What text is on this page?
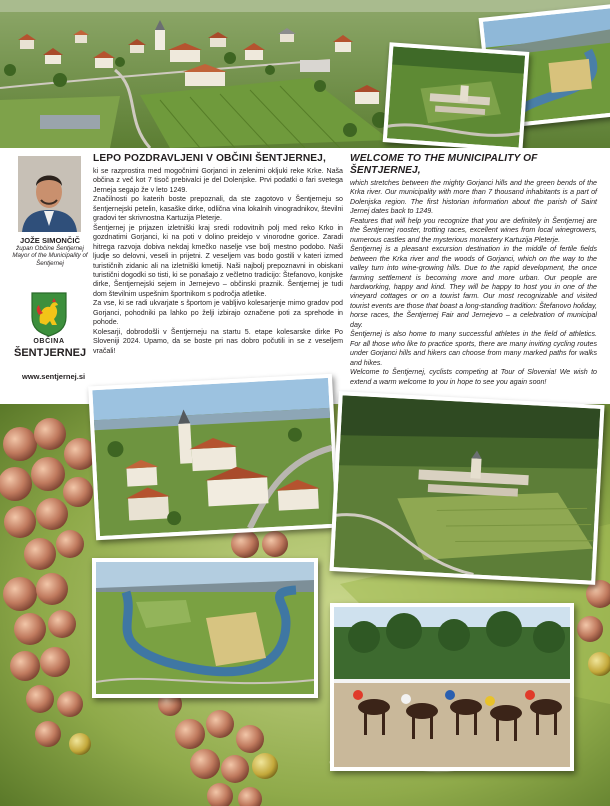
JOŽE SIMONČIČ
župan Občine Šentjernej Mayor of the Municipality of Šentjernej
OBČINA
ŠENTJERNEJ
www.sentjernej.si
LEPO POZDRAVLJENI V OBČINI ŠENTJERNEJ,

ki se razprostira med mogočnimi Gorjanci in zelenimi okljuki reke Krke. Naša občina z več kot 7 tisoč prebivalci je del Dolenjske. Prvi podatki o fari svetega Jerneja segajo že v leto 1249.

Značilnosti po katerih boste prepoznali, da ste zagotovo v Šentjerneju so šentjernejski petelin, kasaške dirke, odlična vina lokalnih vinogradnikov, številni gradovi ter skrivnostna Kartuzija Pleterje.

Šentjernej je prijazen izletniški kraj sredi rodovitnih polj med reko Krko in gozdnatimi Gorjanci, ki na poti v dolino preidejo v vinorodne gorice. Zaradi hitrega razvoja dobiva nekdaj kmečko naselje vse bolj mestno podobo. Naši ljudje so delovni, veseli in prijetni. Z veseljem vas bodo gostili v kateri izmed turističnih zidanic ali na izletniški kmetiji. Naši najbolj prepoznavni in obiskani turistični dogodki so tisti, ki se ponašajo z večletno tradicijo: Štefanovo, konjske dirke, Šentjernejski sejem in Jernejevo – občinski praznik. Šentjernej je tudi dom številnim uspešnim športnikom s področja atletike.

Za vse, ki se radi ukvarjate s športom je vabljivo kolesarjenje mimo gradov pod Gorjanci, pohodniki pa lahko po želji izbirajo označene poti za sprehode in pohode.

Kolesarji, dobrodošli v Šentjerneju na startu 5. etape kolesarske dirke Po Sloveniji 2024. Upamo, da se boste pri nas dobro počutili in se z veseljem vračali!

WELCOME TO THE MUNICIPALITY OF ŠENTJERNEJ,

which stretches between the mighty Gorjanci hills and the green bends of the Krka river. Our municipality with more than 7 thousand inhabitants is a part of Dolenjska region. The first historian information about the parish of Saint Jernej dates back to 1249.

Features that will help you recognize that you are definitely in Šentjernej are the Šentjernej rooster, trotting races, excellent wines from local winegrowers, numerous castles and the mysterious monastery Kartuzija Pleterje.

Šentjernej is a pleasant excursion destination in the middle of fertile fields between the Krka river and the woods of Gorjanci, which on the way to the valley turn into wine-growing hills. Due to the rapid development, the once farming settlement is becoming more and more urban. Our people are hardworking, happy and kind. They will be happy to host you in one of the vineyard cottages or on a tourist farm. Our most recognizable and visited tourist events are those that boast a long-standing tradition: Štefanovo holiday, horse races, the Šentjernej Fair and Jernejevo – a celebration of municipal day.

Šentjernej is also home to many successful athletes in the field of athletics. For all those who like to practice sports, there are many inviting cycling routes under Gorjanci hills and hikers can choose from many marked paths for walks and hikes.

Welcome to Šentjernej, cyclists competing at Tour of Slovenia! We wish to extend a warm welcome to you in hope to see you again soon!
